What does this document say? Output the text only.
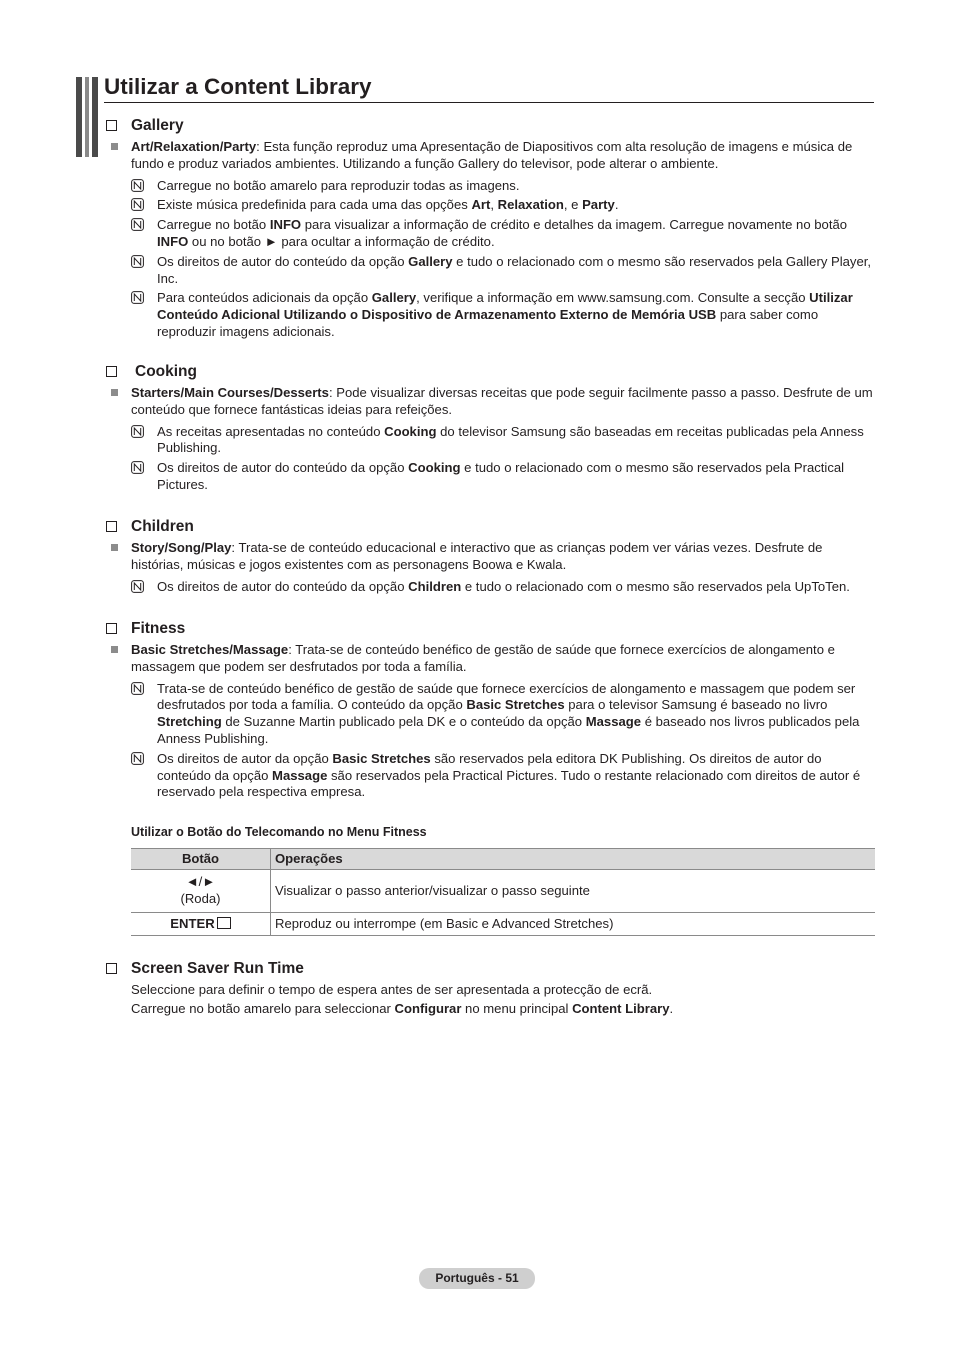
Utilizar a Content Library
Gallery
Art/Relaxation/Party: Esta função reproduz uma Apresentação de Diapositivos com alta resolução de imagens e música de fundo e produz variados ambientes. Utilizando a função Gallery do televisor, pode alterar o ambiente.
Carregue no botão amarelo para reproduzir todas as imagens.
Existe música predefinida para cada uma das opções Art, Relaxation, e Party.
Carregue no botão INFO para visualizar a informação de crédito e detalhes da imagem. Carregue novamente no botão INFO ou no botão ► para ocultar a informação de crédito.
Os direitos de autor do conteúdo da opção Gallery e tudo o relacionado com o mesmo são reservados pela Gallery Player, Inc.
Para conteúdos adicionais da opção Gallery, verifique a informação em www.samsung.com. Consulte a secção Utilizar Conteúdo Adicional Utilizando o Dispositivo de Armazenamento Externo de Memória USB para saber como reproduzir imagens adicionais.
Cooking
Starters/Main Courses/Desserts: Pode visualizar diversas receitas que pode seguir facilmente passo a passo. Desfrute de um conteúdo que fornece fantásticas ideias para refeições.
As receitas apresentadas no conteúdo Cooking do televisor Samsung são baseadas em receitas publicadas pela Anness Publishing.
Os direitos de autor do conteúdo da opção Cooking e tudo o relacionado com o mesmo são reservados pela Practical Pictures.
Children
Story/Song/Play: Trata-se de conteúdo educacional e interactivo que as crianças podem ver várias vezes. Desfrute de histórias, músicas e jogos existentes com as personagens Boowa e Kwala.
Os direitos de autor do conteúdo da opção Children e tudo o relacionado com o mesmo são reservados pela UpToTen.
Fitness
Basic Stretches/Massage: Trata-se de conteúdo benéfico de gestão de saúde que fornece exercícios de alongamento e massagem que podem ser desfrutados por toda a família.
Trata-se de conteúdo benéfico de gestão de saúde que fornece exercícios de alongamento e massagem que podem ser desfrutados por toda a família. O conteúdo da opção Basic Stretches para o televisor Samsung é baseado no livro Stretching de Suzanne Martin publicado pela DK e o conteúdo da opção Massage é baseado nos livros publicados pela Anness Publishing.
Os direitos de autor da opção Basic Stretches são reservados pela editora DK Publishing. Os direitos de autor do conteúdo da opção Massage são reservados pela Practical Pictures. Tudo o restante relacionado com direitos de autor é reservado pela respectiva empresa.
Utilizar o Botão do Telecomando no Menu Fitness
Botão	Operações

◄/►
(Roda)	Visualizar o passo anterior/visualizar o passo seguinte
ENTER	Reproduz ou interrompe (em Basic e Advanced Stretches)
Screen Saver Run Time
Seleccione para definir o tempo de espera antes de ser apresentada a protecção de ecrã.
Carregue no botão amarelo para seleccionar Configurar no menu principal Content Library.
Português - 51
